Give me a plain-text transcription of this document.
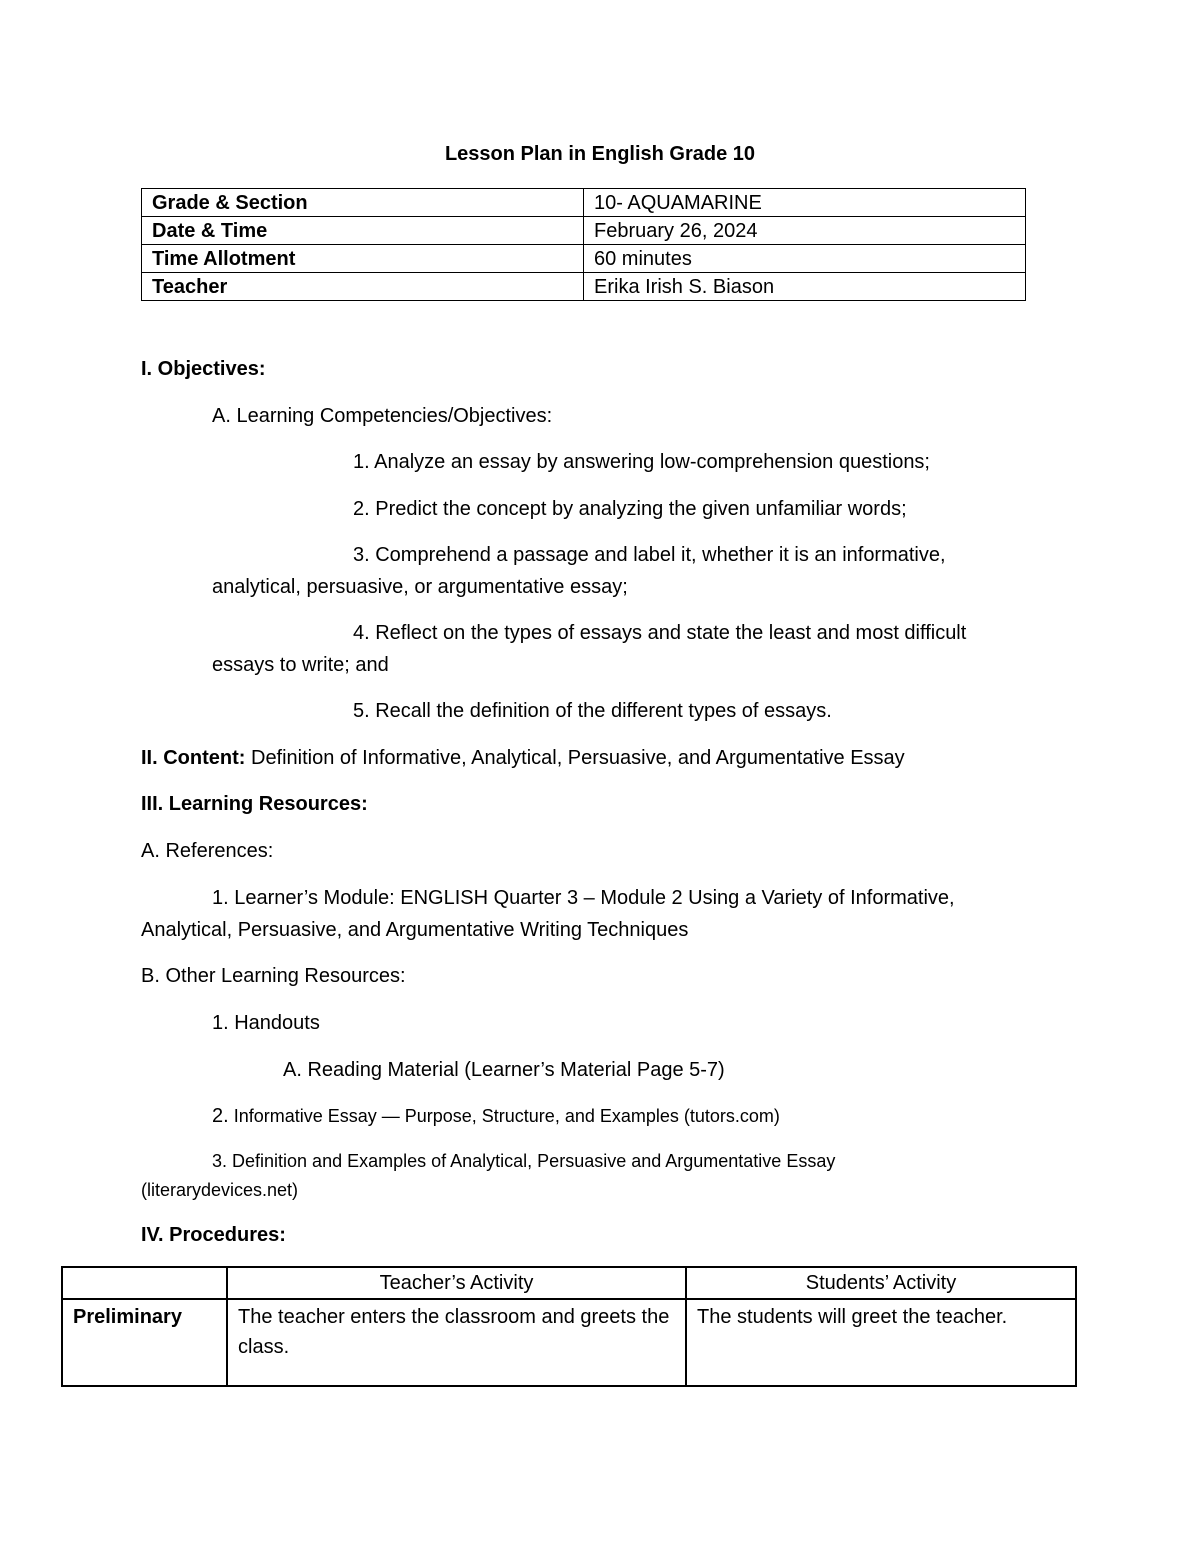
Lesson Plan in English Grade 10
Grade & Section	10- AQUAMARINE
Date & Time	February 26, 2024
Time Allotment	60 minutes
Teacher	Erika Irish S. Biason
I. Objectives:
A. Learning Competencies/Objectives:
1. Analyze an essay by answering low-comprehension questions;
2. Predict the concept by analyzing the given unfamiliar words;
3. Comprehend a passage and label it, whether it is an informative,
analytical, persuasive, or argumentative essay;
4. Reflect on the types of essays and state the least and most difficult
essays to write; and
5. Recall the definition of the different types of essays.
II. Content: Definition of Informative, Analytical, Persuasive, and Argumentative Essay
III. Learning Resources:
A. References:
1. Learner’s Module: ENGLISH Quarter 3 – Module 2 Using a Variety of Informative,
Analytical, Persuasive, and Argumentative Writing Techniques
B. Other Learning Resources:
1. Handouts
A. Reading Material (Learner’s Material Page 5-7)
2. Informative Essay — Purpose, Structure, and Examples (tutors.com)
3. Definition and Examples of Analytical, Persuasive and Argumentative Essay
(literarydevices.net)
IV. Procedures:
	Teacher’s Activity	Students’ Activity
Preliminary	The teacher enters the classroom and greets the class.	The students will greet the teacher.
